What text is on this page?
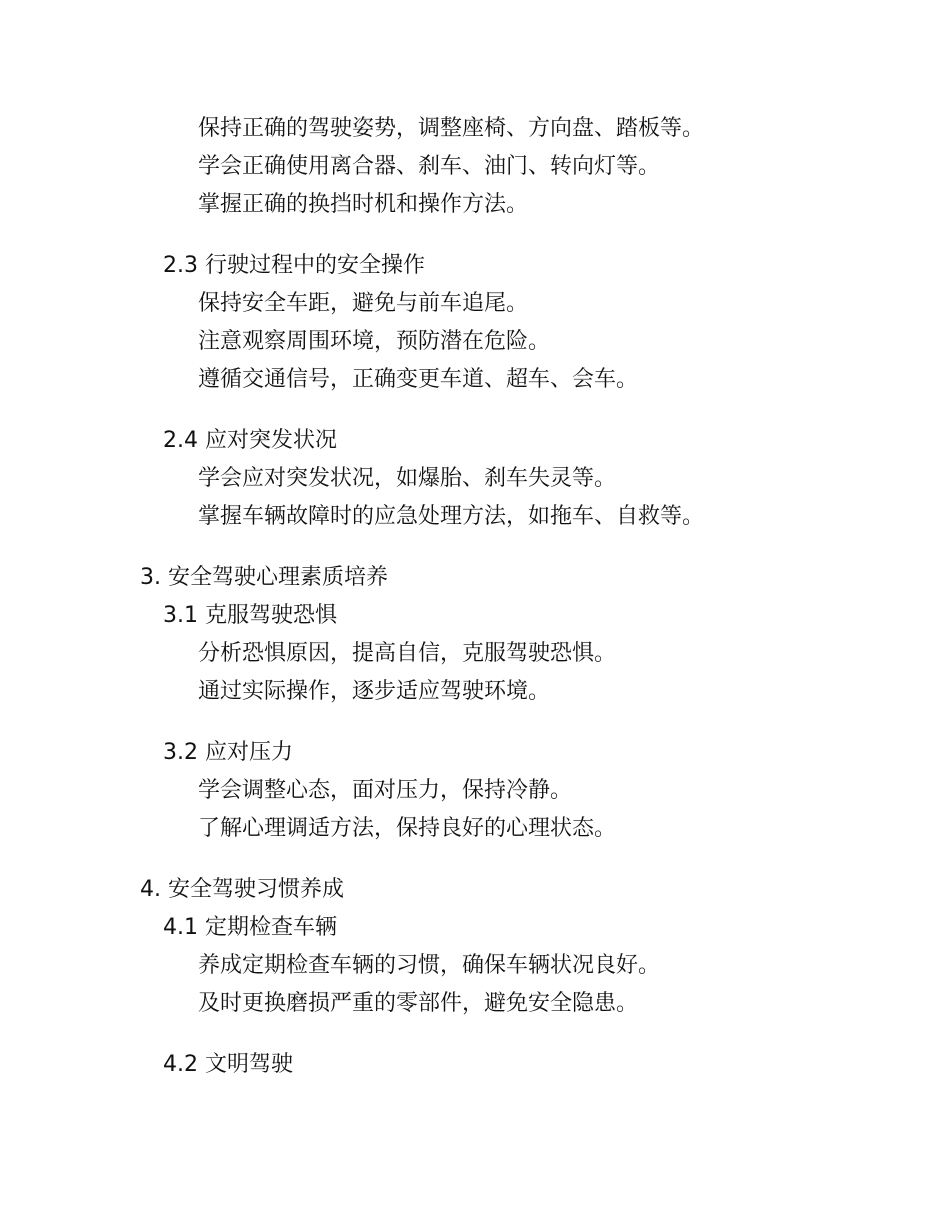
保持正确的驾驶姿势，调整座椅、方向盘、踏板等。

学会正确使用离合器、刹车、油门、转向灯等。

掌握正确的换挡时机和操作方法。

2.3 行驶过程中的安全操作

保持安全车距，避免与前车追尾。

注意观察周围环境，预防潜在危险。

遵循交通信号，正确变更车道、超车、会车。

2.4 应对突发状况

学会应对突发状况，如爆胎、刹车失灵等。

掌握车辆故障时的应急处理方法，如拖车、自救等。

3. 安全驾驶心理素质培养

3.1 克服驾驶恐惧

分析恐惧原因，提高自信，克服驾驶恐惧。

通过实际操作，逐步适应驾驶环境。

3.2 应对压力

学会调整心态，面对压力，保持冷静。

了解心理调适方法，保持良好的心理状态。

4. 安全驾驶习惯养成

4.1 定期检查车辆

养成定期检查车辆的习惯，确保车辆状况良好。

及时更换磨损严重的零部件，避免安全隐患。

4.2 文明驾驶
